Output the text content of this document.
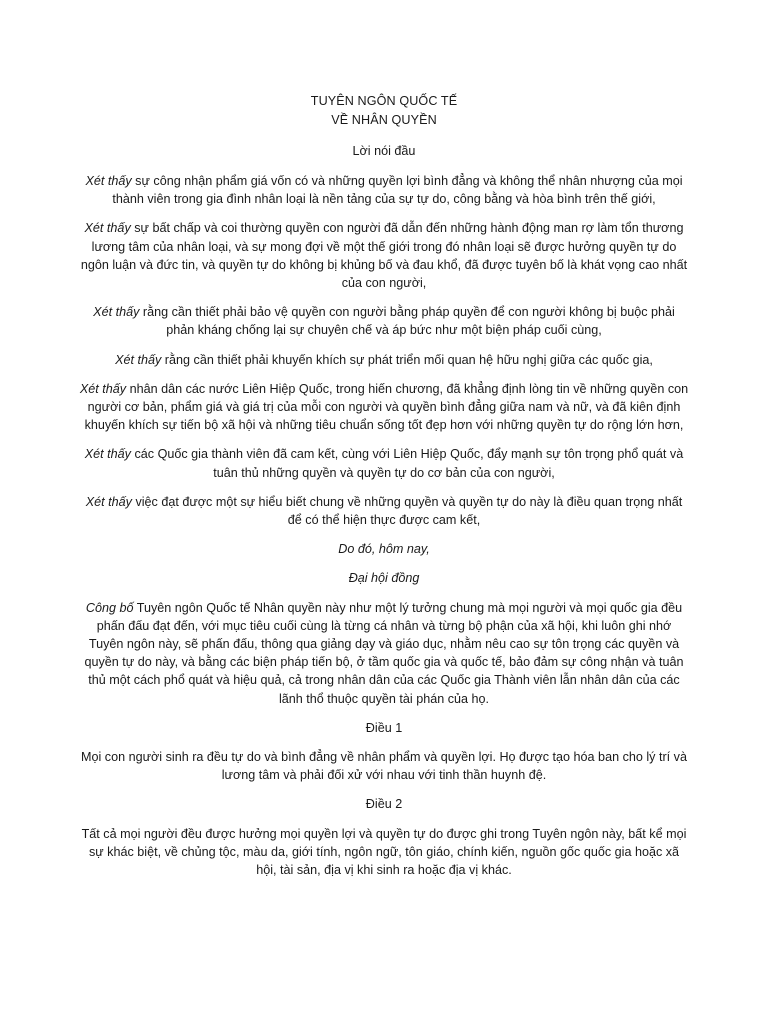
TUYÊN NGÔN QUỐC TẾ

VỀ NHÂN QUYỀN

Lời nói đầu

Xét thấy sự công nhận phẩm giá vốn có và những quyền lợi bình đẳng và không thể nhân nhượng của mọi thành viên trong gia đình nhân loại là nền tảng của sự tự do, công bằng và hòa bình trên thế giới,

Xét thấy sự bất chấp và coi thường quyền con người đã dẫn đến những hành động man rợ làm tổn thương lương tâm của nhân loại, và sự mong đợi về một thế giới trong đó nhân loại sẽ được hưởng quyền tự do ngôn luận và đức tin, và quyền tự do không bị khủng bố và đau khổ, đã được tuyên bố là khát vọng cao nhất của con người,

Xét thấy rằng cần thiết phải bảo vệ quyền con người bằng pháp quyền để con người không bị buộc phải phản kháng chống lại sự chuyên chế và áp bức như một biện pháp cuối cùng,

Xét thấy rằng cần thiết phải khuyến khích sự phát triển mối quan hệ hữu nghị giữa các quốc gia,

Xét thấy nhân dân các nước Liên Hiệp Quốc, trong hiến chương, đã khẳng định lòng tin về những quyền con người cơ bản, phẩm giá và giá trị của mỗi con người và quyền bình đẳng giữa nam và nữ, và đã kiên định khuyến khích sự tiến bộ xã hội và những tiêu chuẩn sống tốt đẹp hơn với những quyền tự do rộng lớn hơn,

Xét thấy các Quốc gia thành viên đã cam kết, cùng với Liên Hiệp Quốc, đẩy mạnh sự tôn trọng phổ quát và tuân thủ những quyền và quyền tự do cơ bản của con người,

Xét thấy việc đạt được một sự hiểu biết chung về những quyền và quyền tự do này là điều quan trọng nhất để có thể hiện thực được cam kết,

Do đó, hôm nay,

Đại hội đồng

Công bố Tuyên ngôn Quốc tế Nhân quyền này như một lý tưởng chung mà mọi người và mọi quốc gia đều phấn đấu đạt đến, với mục tiêu cuối cùng là từng cá nhân và từng bộ phận của xã hội, khi luôn ghi nhớ Tuyên ngôn này, sẽ phấn đấu, thông qua giảng dạy và giáo dục, nhằm nêu cao sự tôn trọng các quyền và quyền tự do này, và bằng các biện pháp tiến bộ, ở tầm quốc gia và quốc tế, bảo đảm sự công nhận và tuân thủ một cách phổ quát và hiệu quả, cả trong nhân dân của các Quốc gia Thành viên lẫn nhân dân của các lãnh thổ thuộc quyền tài phán của họ.

Điều 1

Mọi con người sinh ra đều tự do và bình đẳng về nhân phẩm và quyền lợi. Họ được tạo hóa ban cho lý trí và lương tâm và phải đối xử với nhau với tinh thần huynh đệ.

Điều 2

Tất cả mọi người đều được hưởng mọi quyền lợi và quyền tự do được ghi trong Tuyên ngôn này, bất kể mọi sự khác biệt, về chủng tộc, màu da, giới tính, ngôn ngữ, tôn giáo, chính kiến, nguồn gốc quốc gia hoặc xã hội, tài sản, địa vị khi sinh ra hoặc địa vị khác.
